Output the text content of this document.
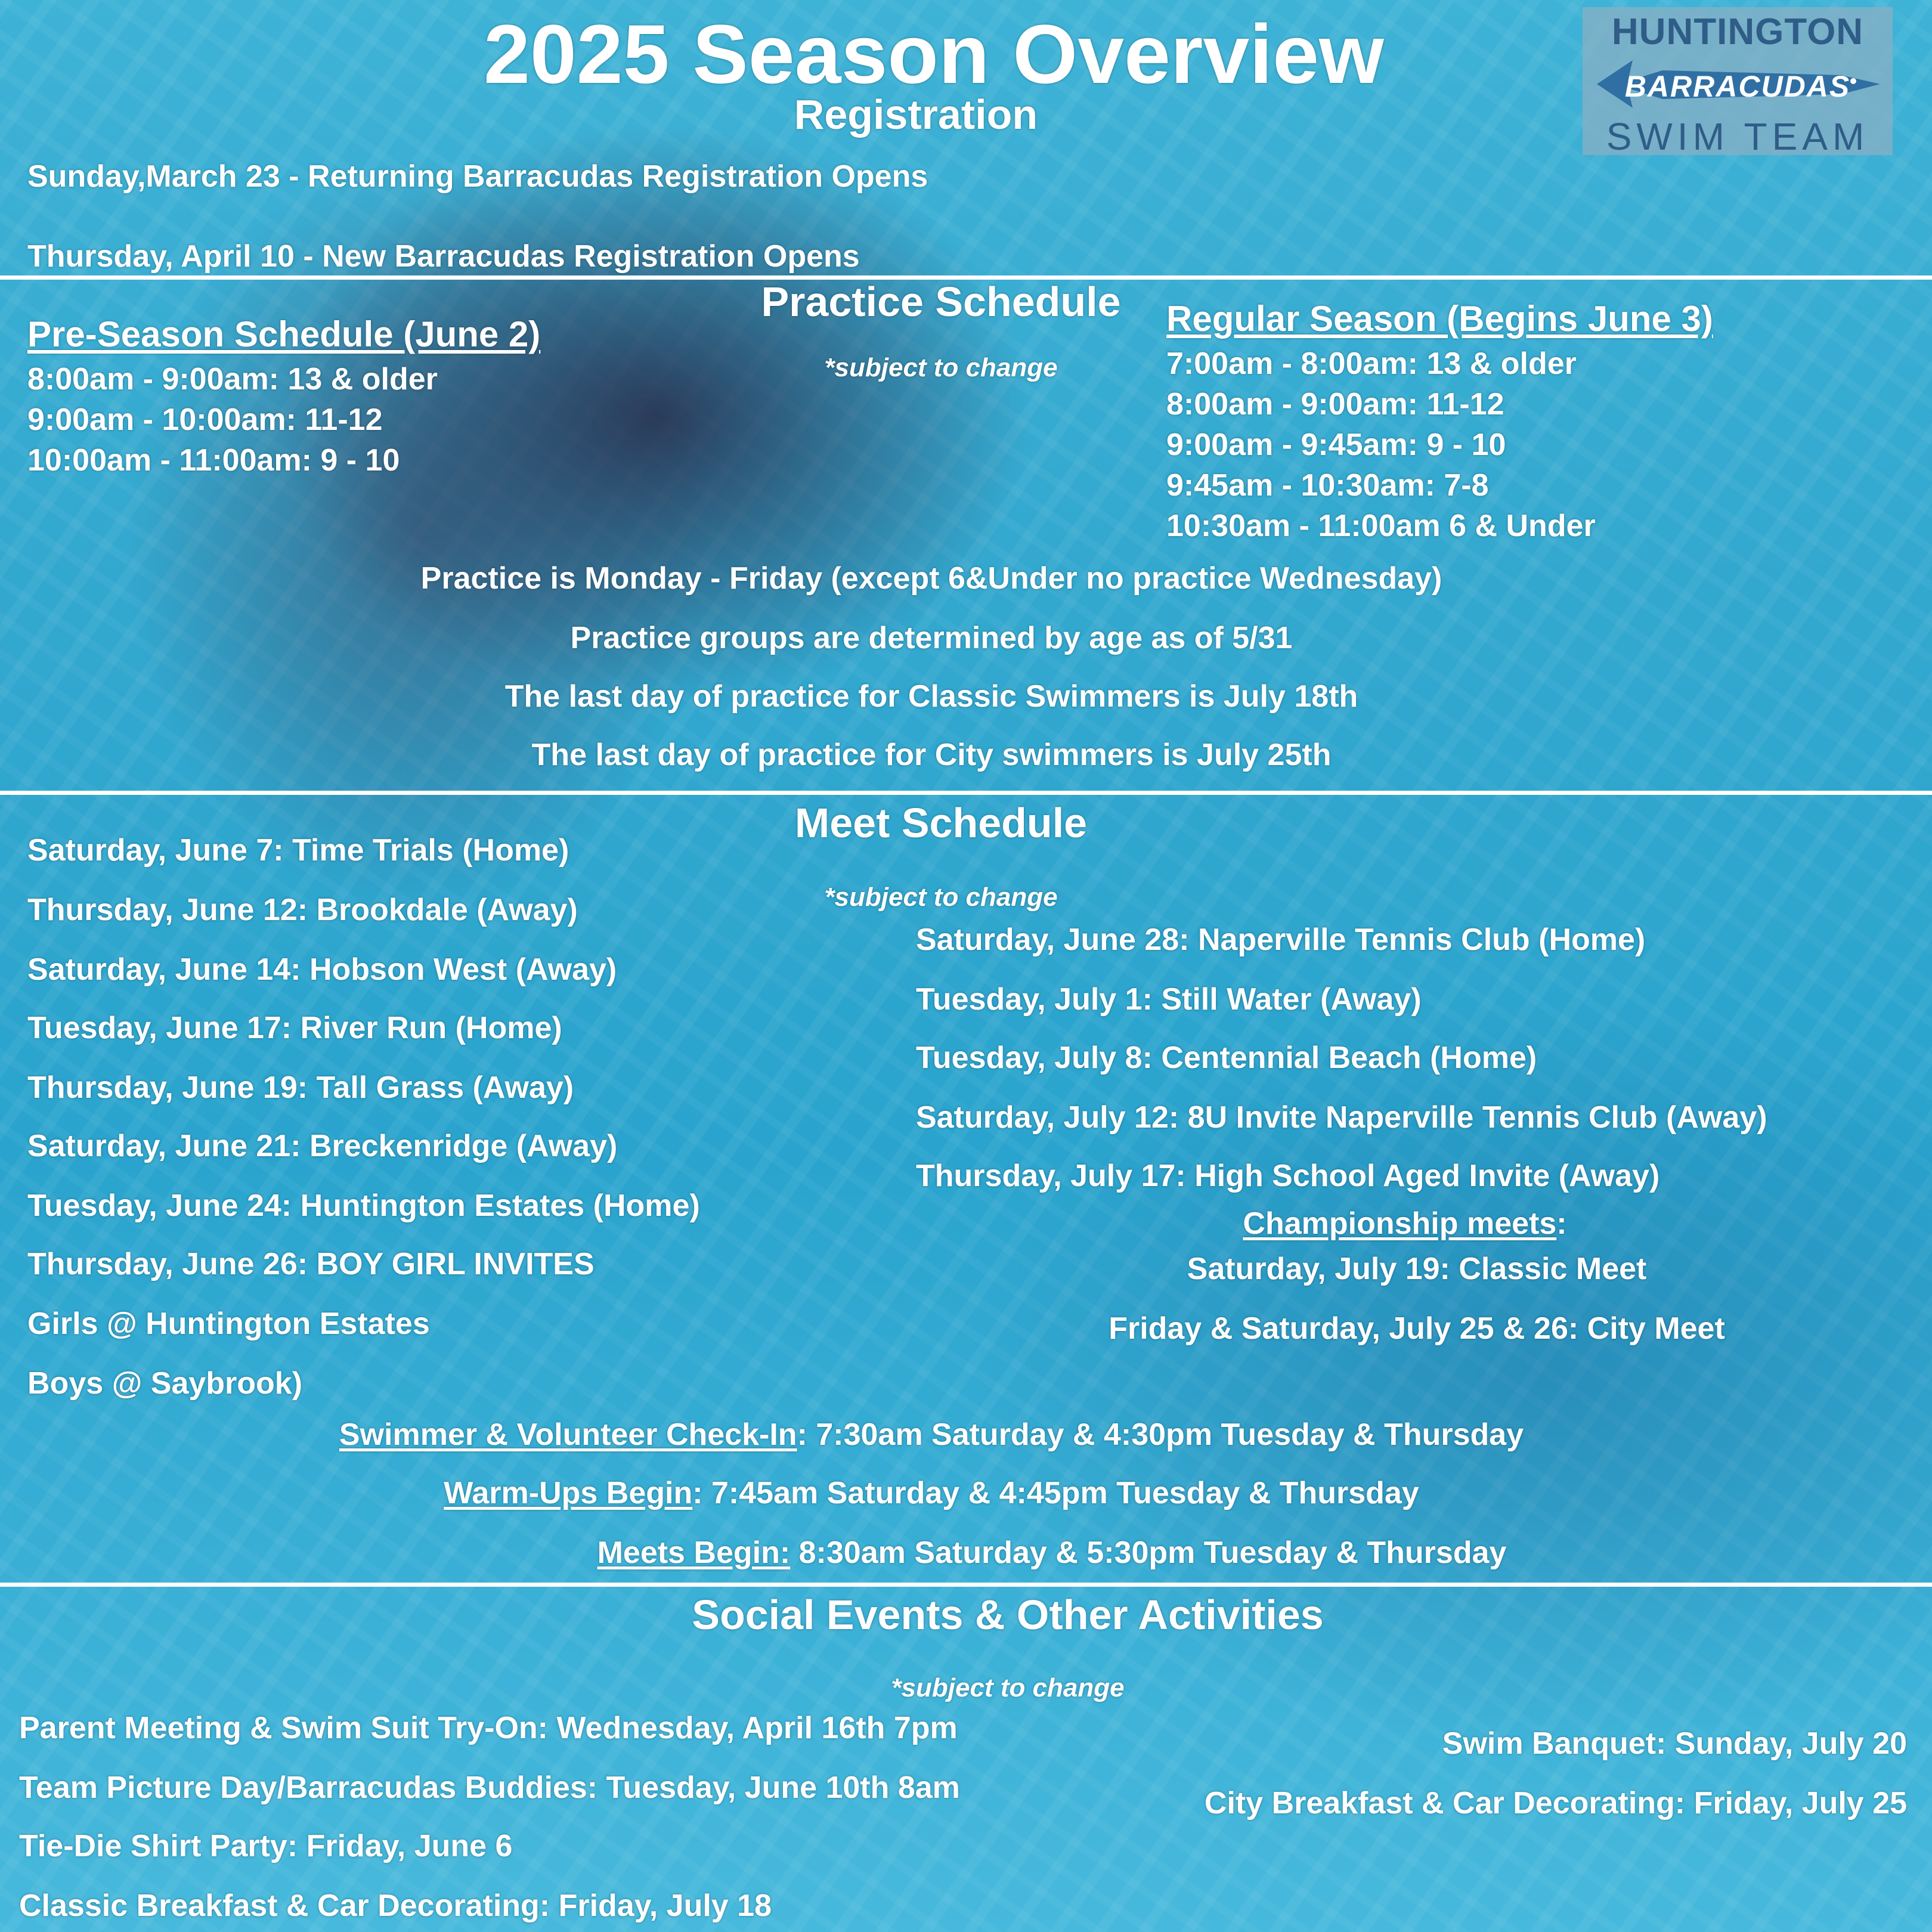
2025 Season Overview	HUNTINGTON
BARRACUDAS
SWIM TEAM
Registration
Sunday,March 23 - Returning Barracudas Registration Opens
Thursday, April 10 - New Barracudas Registration Opens
Practice Schedule
*subject to change
Pre-Season Schedule (June 2)
8:00am - 9:00am: 13 & older
9:00am - 10:00am: 11-12
10:00am - 11:00am: 9 - 10
Regular Season (Begins June 3)
7:00am - 8:00am: 13 & older
8:00am - 9:00am: 11-12
9:00am - 9:45am: 9 - 10
9:45am - 10:30am: 7-8
10:30am - 11:00am 6 & Under
Practice is Monday - Friday (except 6&Under no practice Wednesday)
Practice groups are determined by age as of 5/31
The last day of practice for Classic Swimmers is July 18th
The last day of practice for City swimmers is July 25th
Meet Schedule
*subject to change
Saturday, June 7: Time Trials (Home)
Thursday, June 12: Brookdale (Away)
Saturday, June 14: Hobson West (Away)
Tuesday, June 17: River Run (Home)
Thursday, June 19: Tall Grass (Away)
Saturday, June 21: Breckenridge (Away)
Tuesday, June 24: Huntington Estates (Home)
Thursday, June 26: BOY GIRL INVITES
Girls @ Huntington Estates
Boys @ Saybrook)
Saturday, June 28: Naperville Tennis Club (Home)
Tuesday, July 1: Still Water (Away)
Tuesday, July 8: Centennial Beach (Home)
Saturday, July 12: 8U Invite Naperville Tennis Club (Away)
Thursday, July 17: High School Aged Invite (Away)
Championship meets:
Saturday, July 19: Classic Meet
Friday & Saturday, July 25 & 26: City Meet
Swimmer & Volunteer Check-In: 7:30am Saturday & 4:30pm Tuesday & Thursday
Warm-Ups Begin: 7:45am Saturday & 4:45pm Tuesday & Thursday
Meets Begin: 8:30am Saturday & 5:30pm Tuesday & Thursday
Social Events & Other Activities
*subject to change
Parent Meeting & Swim Suit Try-On: Wednesday, April 16th 7pm
Team Picture Day/Barracudas Buddies: Tuesday, June 10th 8am
Tie-Die Shirt Party: Friday, June 6
Classic Breakfast & Car Decorating: Friday, July 18
Swim Banquet: Sunday, July 20
City Breakfast & Car Decorating: Friday, July 25
